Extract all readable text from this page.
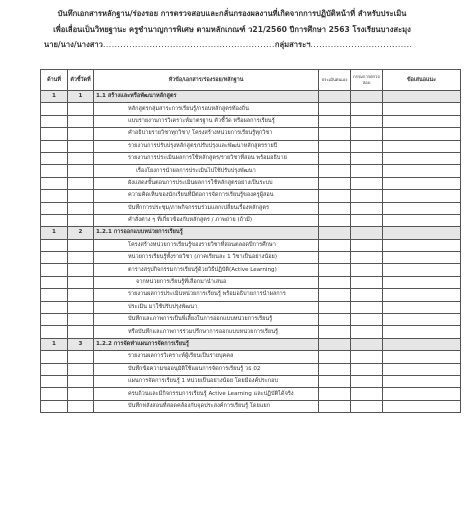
บันทึกเอกสารหลักฐาน/ร่องรอย การตรวจสอบและกลั่นกรองผลงานที่เกิดจากการปฏิบัติหน้าที่ สำหรับประเมิน
เพื่อเลื่อนเป็นวิทยฐานะ ครูชำนาญการพิเศษ ตามหลักเกณฑ์ ว21/2560 ปีการศึกษา 2563 โรงเรียนบางสะมุง
นาย/นาง/นางสาว...........................................................กลุ่มสาระฯ...................................
ด้านที่	ตัวชี้วัดที่	หัวข้อ/เอกสาร/ร่องรอย/หลักฐาน	ประเมินตนเอง	กรรมการตรวจสอบ	ข้อเสนอแนะ
1	1	1.1 สร้างและหรือพัฒนาหลักสูตร			
		หลักสูตรกลุ่มสาระการเรียนรู้/กรอบหลักสูตรท้องถิ่น			
		แบบรายงานการวิเคราะห์มาตรฐาน ตัวชี้วัด หรือผลการเรียนรู้			
		คำอธิบายรายวิชาทุกวิชา/ โครงสร้างหน่วยการเรียนรู้ทุกวิชา			
		รายงานการปรับปรุงหลักสูตร/ปรับปรุงและพัฒนาหลักสูตรรายปี			
		รายงานการประเมินผลการใช้หลักสูตร/รายวิชาที่สอน พร้อมอธิบาย			
		เรื่องโยงการนำผลการประเมินไปใช้ปรับปรุงพัฒนา			
		ผังแสดงขั้นตอนการประเมินผลการใช้หลักสูตรอย่างเป็นระบบ			
		ความคิดเห็นของนักเรียนที่มีต่อการจัดการเรียนรู้ของครูผู้สอน			
		บันทึกการประชุม/ภาพกิจกรรมร่วมแลกเปลี่ยนเรื่องหลักสูตร			
		คำสั่งต่าง ๆ ที่เกี่ยวข้องกับหลักสูตร / ภาพถ่าย (ถ้ามี)			
1	2	1.2.1 การออกแบบหน่วยการเรียนรู้			
		โครงสร้างหน่วยการเรียนรู้ของรายวิชาที่สอนตลอดปีการศึกษา			
		หน่วยการเรียนรู้ทั้งรายวิชา (ภาคเรียนละ 1 วิชาเป็นอย่างน้อย)			
		ตารางสรุปกิจกรรมการเรียนรู้ด้วยวิธีปฏิบัติ(Active Learning)			
		จากหน่วยการเรียนรู้ที่เลือกมานำเสนอ			
		รายงานผลการประเมินหน่วยการเรียนรู้ พร้อมอธิบายการนำผลการ			
		ประเมิน มาใช้ปรับปรุงพัฒนา			
		บันทึกและภาพการเป็นพี่เลี้ยงในการออกแบบหน่วยการเรียนรู้			
		หรือบันทึกและภาพการร่วมปรึกษาการออกแบบหน่วยการเรียนรู้			
1	3	1.2.2 การจัดทำแผนการจัดการเรียนรู้			
		รายงานผลการวิเคราะห์ผู้เรียนเป็นรายบุคคล			
		บันทึกข้อความขออนุมัติใช้แผนการจัดการเรียนรู้ วธ 02			
		แผนการจัดการเรียนรู้ 1 หน่วยเป็นอย่างน้อย โดยมีองค์ประกอบ			
		ครบถ้วนและมีกิจกรรมการเรียนรู้ Active Learning และปฏิบัติได้จริง			
		บันทึกหลังสอนที่สอดคล้องกับจุดประสงค์การเรียนรู้ โดยแยก			
